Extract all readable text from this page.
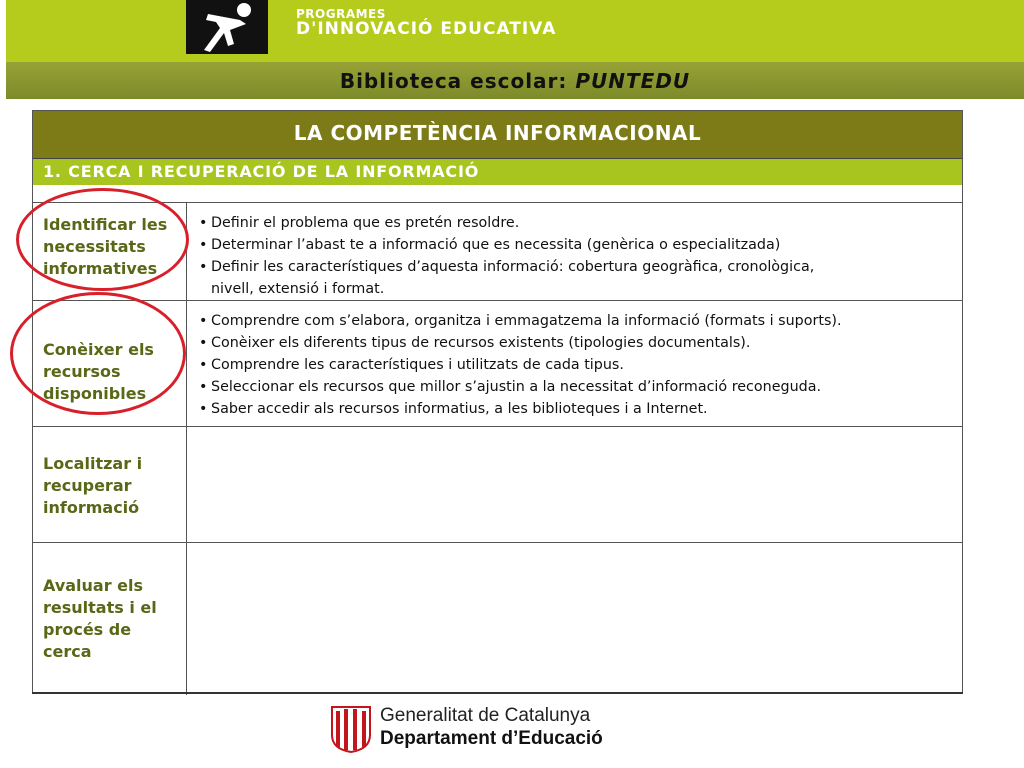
PROGRAMES
D'INNOVACIÓ EDUCATIVA
Biblioteca escolar: PUNTEDU
LA COMPETÈNCIA INFORMACIONAL
1. CERCA I RECUPERACIÓ DE LA INFORMACIÓ
Identificar les
necessitats
informatives
• Definir el problema que es pretén resoldre.
• Determinar l’abast te a informació que es necessita (genèrica o especialitzada)
• Definir les característiques d’aquesta informació: cobertura geogràfica, cronològica,
nivell, extensió i format.
Conèixer els
recursos
disponibles
• Comprendre com s’elabora, organitza i emmagatzema la informació (formats i suports).
• Conèixer els diferents tipus de recursos existents (tipologies documentals).
• Comprendre les característiques i utilitzats de cada tipus.
• Seleccionar els recursos que millor s’ajustin a la necessitat d’informació reconeguda.
• Saber accedir als recursos informatius, a les biblioteques i a Internet.
Localitzar i
recuperar
informació
Avaluar els
resultats i el
procés de
cerca
Generalitat de Catalunya
Departament d’Educació
